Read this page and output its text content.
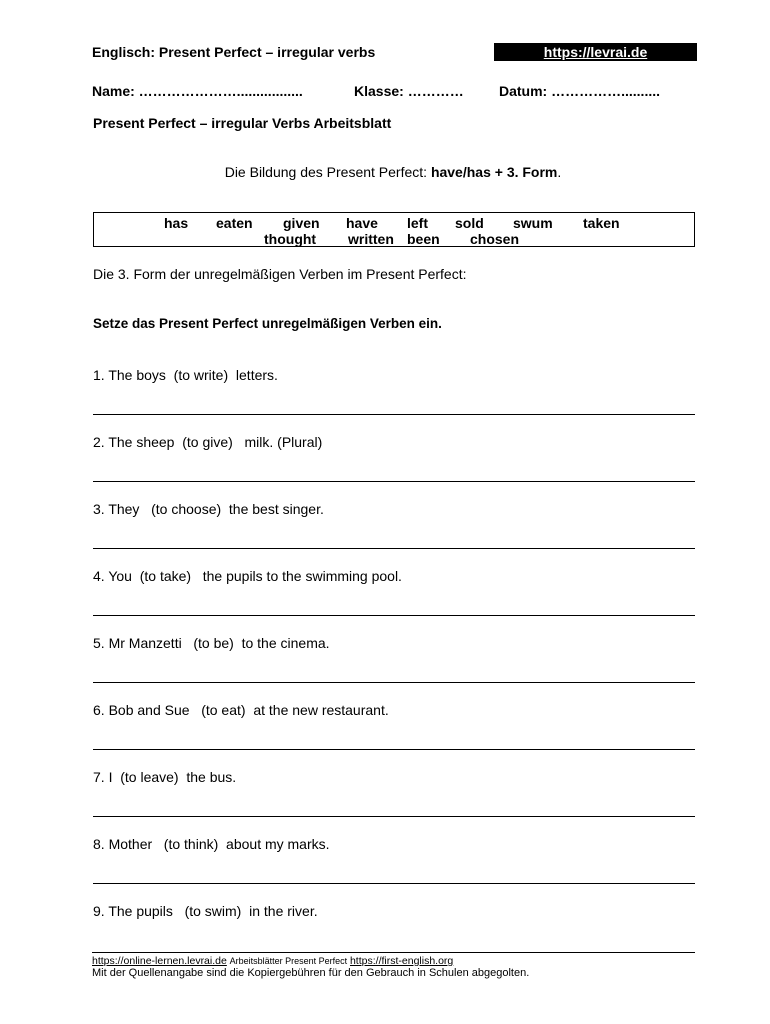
Englisch: Present Perfect – irregular verbs	https://levrai.de
Name: ………………….................	Klasse: …………	Datum: ……………..........
Present Perfect – irregular Verbs Arbeitsblatt
Die Bildung des Present Perfect: have/has + 3. Form.
has eaten given have left sold swum taken
thought written been chosen
Die 3. Form der unregelmäßigen Verben im Present Perfect:
Setze das Present Perfect unregelmäßigen Verben ein.
1. The boys  (to write)  letters.
2. The sheep  (to give)   milk. (Plural)
3. They   (to choose)  the best singer.
4. You  (to take)   the pupils to the swimming pool.
5. Mr Manzetti   (to be)  to the cinema.
6. Bob and Sue   (to eat)  at the new restaurant.
7. I  (to leave)  the bus.
8. Mother   (to think)  about my marks.
9. The pupils   (to swim)  in the river.
https://online-lernen.levrai.de Arbeitsblätter Present Perfect https://first-english.org
Mit der Quellenangabe sind die Kopiergebühren für den Gebrauch in Schulen abgegolten.
